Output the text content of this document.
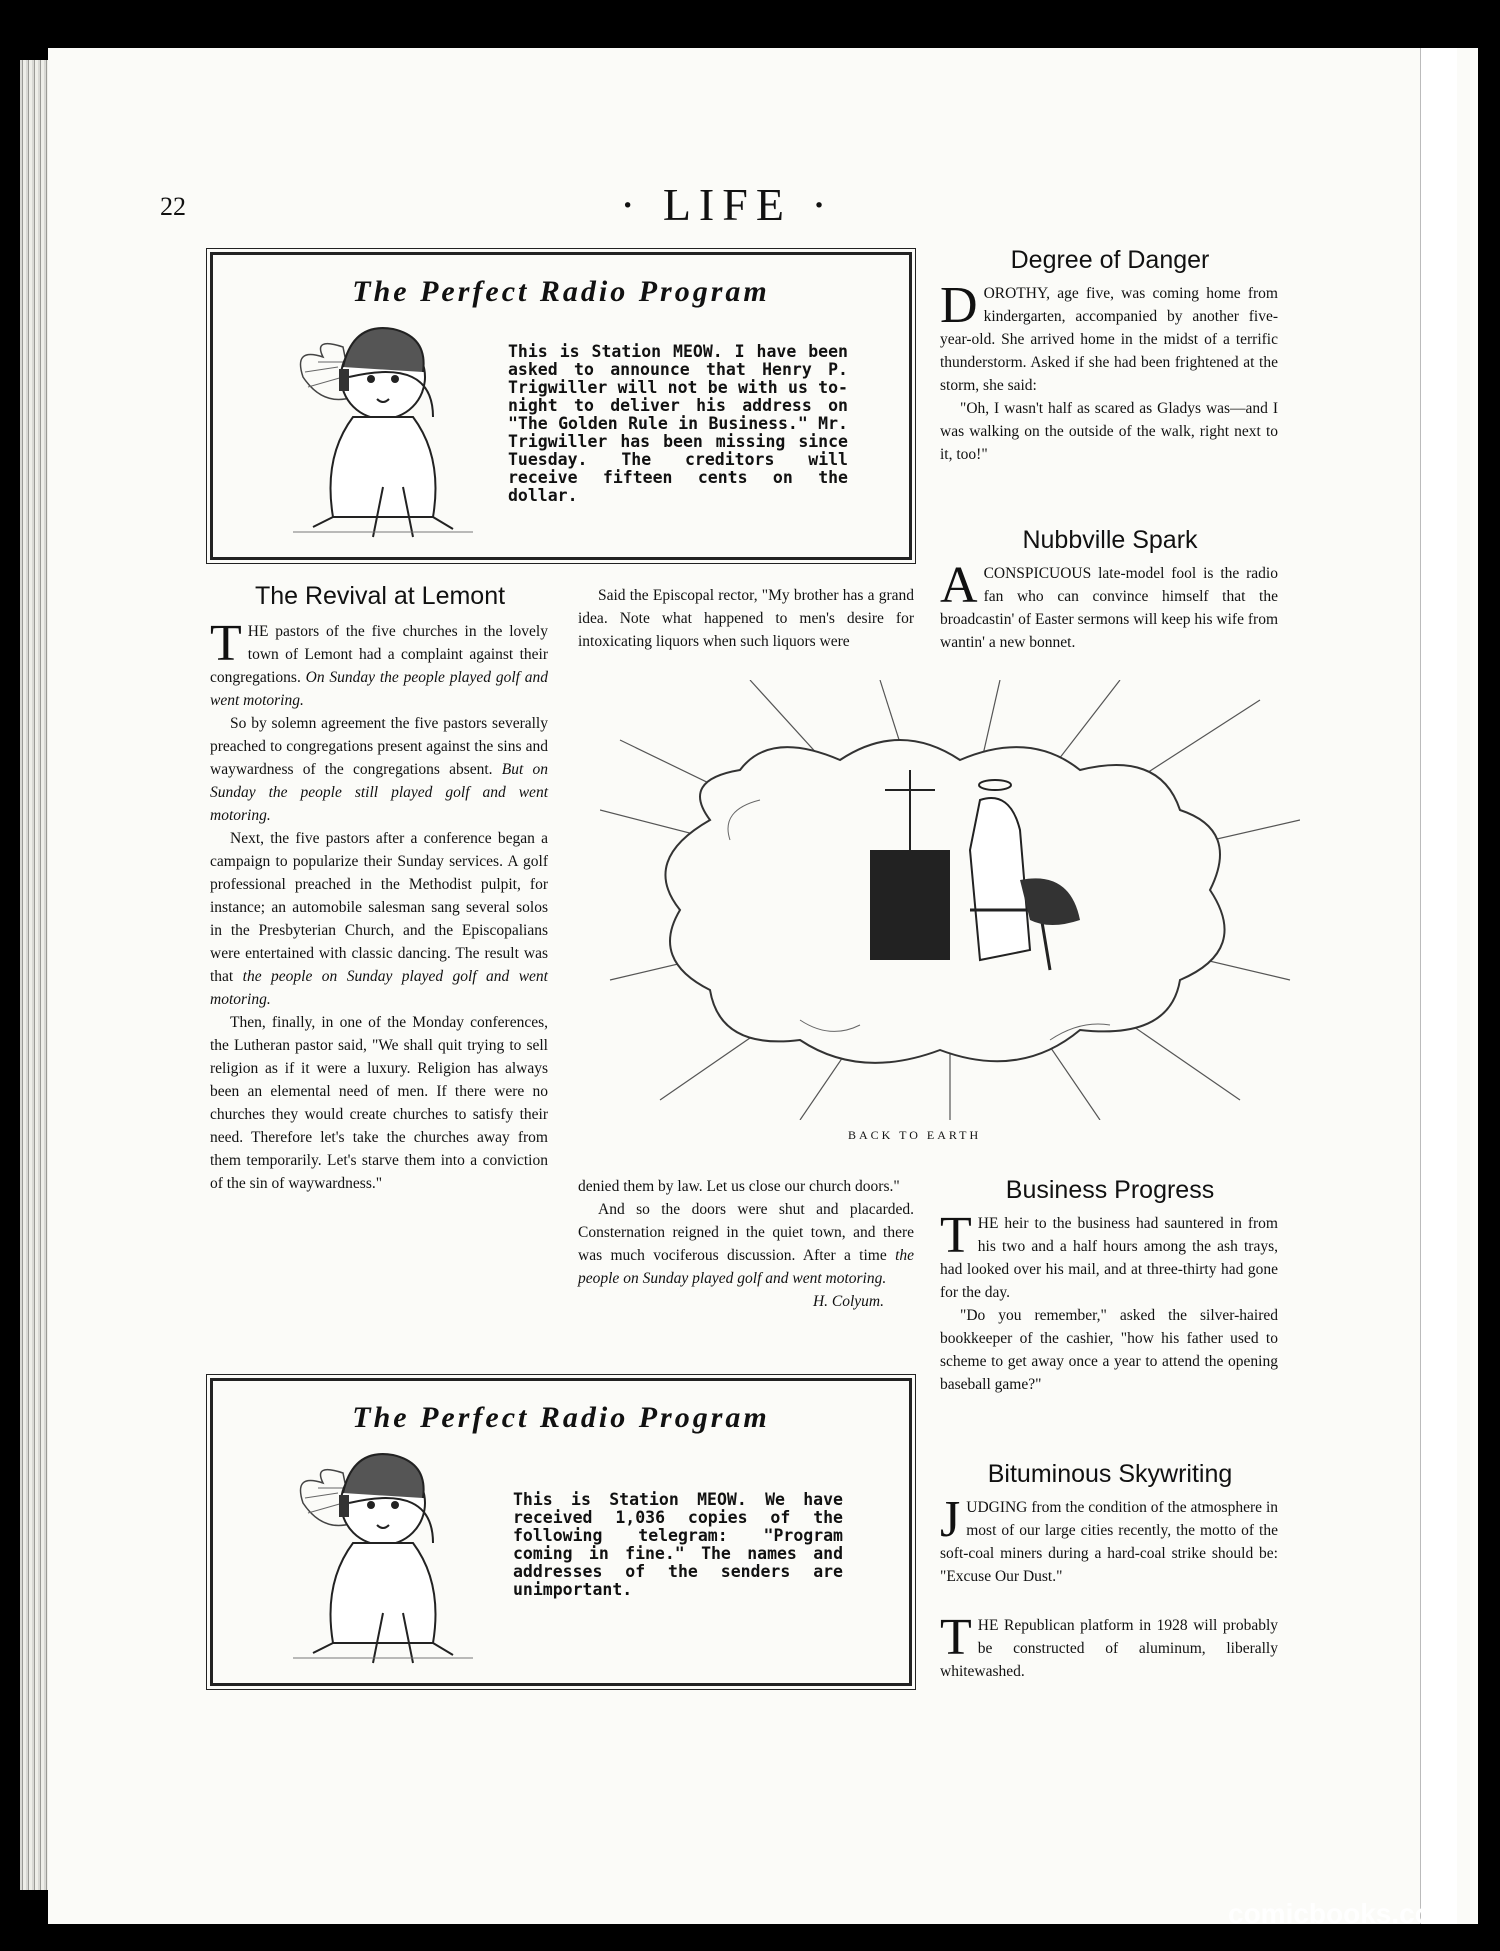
22	· LIFE ·
The Perfect Radio Program
This is Station MEOW. I have been asked to announce that Henry P. Trigwiller will not be with us to-night to deliver his address on "The Golden Rule in Business." Mr. Trigwiller has been missing since Tuesday. The creditors will receive fifteen cents on the dollar.
The Perfect Radio Program
This is Station MEOW. We have received 1,036 copies of the following telegram: "Program coming in fine." The names and addresses of the senders are unimportant.
The Revival at Lemont

THE pastors of the five churches in the lovely town of Lemont had a complaint against their congregations. On Sunday the people played golf and went motoring.

So by solemn agreement the five pastors severally preached to congregations present against the sins and waywardness of the congregations absent. But on Sunday the people still played golf and went motoring.

Next, the five pastors after a conference began a campaign to popularize their Sunday services. A golf professional preached in the Methodist pulpit, for instance; an automobile salesman sang several solos in the Presbyterian Church, and the Episcopalians were entertained with classic dancing. The result was that the people on Sunday played golf and went motoring.

Then, finally, in one of the Monday conferences, the Lutheran pastor said, "We shall quit trying to sell religion as if it were a luxury. Religion has always been an elemental need of men. If there were no churches they would create churches to satisfy their need. Therefore let's take the churches away from them temporarily. Let's starve them into a conviction of the sin of waywardness."

Said the Episcopal rector, "My brother has a grand idea. Note what happened to men's desire for intoxicating liquors when such liquors were

denied them by law. Let us close our church doors."

And so the doors were shut and placarded. Consternation reigned in the quiet town, and there was much vociferous discussion. After a time the people on Sunday played golf and went motoring.

H. Colyum.
BACK TO EARTH
Degree of Danger

DOROTHY, age five, was coming home from kindergarten, accompanied by another five-year-old. She arrived home in the midst of a terrific thunderstorm. Asked if she had been frightened at the storm, she said:

"Oh, I wasn't half as scared as Gladys was—and I was walking on the outside of the walk, right next to it, too!"

Nubbville Spark

ACONSPICUOUS late-model fool is the radio fan who can convince himself that the broadcastin' of Easter sermons will keep his wife from wantin' a new bonnet.

Business Progress

THE heir to the business had sauntered in from his two and a half hours among the ash trays, had looked over his mail, and at three-thirty had gone for the day.

"Do you remember," asked the silver-haired bookkeeper of the cashier, "how his father used to scheme to get away once a year to attend the opening baseball game?"

Bituminous Skywriting

JUDGING from the condition of the atmosphere in most of our large cities recently, the motto of the soft-coal miners during a hard-coal strike should be: "Excuse Our Dust."

THE Republican platform in 1928 will probably be constructed of aluminum, liberally whitewashed.

comicbooks.com
